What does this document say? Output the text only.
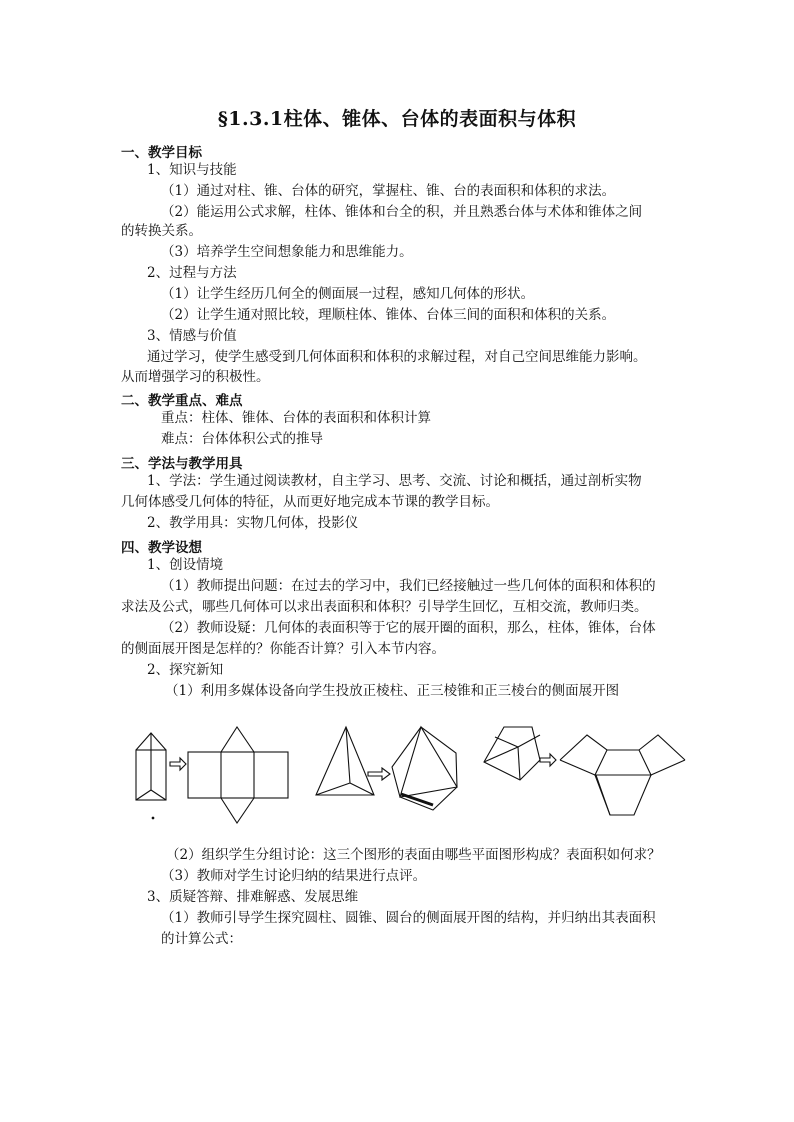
§1.3.1柱体、锥体、台体的表面积与体积
一、教学目标
1、知识与技能
（1）通过对柱、锥、台体的研究，掌握柱、锥、台的表面积和体积的求法。
（2）能运用公式求解，柱体、锥体和台全的积，并且熟悉台体与术体和锥体之间
的转换关系。
（3）培养学生空间想象能力和思维能力。
2、过程与方法
（1）让学生经历几何全的侧面展一过程，感知几何体的形状。
（2）让学生通对照比较，理顺柱体、锥体、台体三间的面积和体积的关系。
3、情感与价值
通过学习，使学生感受到几何体面积和体积的求解过程，对自己空间思维能力影响。
从而增强学习的积极性。
二、教学重点、难点
重点：柱体、锥体、台体的表面积和体积计算
难点：台体体积公式的推导
三、学法与教学用具
1、学法：学生通过阅读教材，自主学习、思考、交流、讨论和概括，通过剖析实物
几何体感受几何体的特征，从而更好地完成本节课的教学目标。
2、教学用具：实物几何体，投影仪
四、教学设想
1、创设情境
（1）教师提出问题：在过去的学习中，我们已经接触过一些几何体的面积和体积的
求法及公式，哪些几何体可以求出表面积和体积？引导学生回忆，互相交流，教师归类。
（2）教师设疑：几何体的表面积等于它的展开圈的面积，那么，柱体，锥体，台体
的侧面展开图是怎样的？你能否计算？引入本节内容。
2、探究新知
（1）利用多媒体设备向学生投放正棱柱、正三棱锥和正三棱台的侧面展开图
（2）组织学生分组讨论：这三个图形的表面由哪些平面图形构成？表面积如何求？
（3）教师对学生讨论归纳的结果进行点评。
3、质疑答辩、排难解惑、发展思维
（1）教师引导学生探究圆柱、圆锥、圆台的侧面展开图的结构，并归纳出其表面积
的计算公式：
